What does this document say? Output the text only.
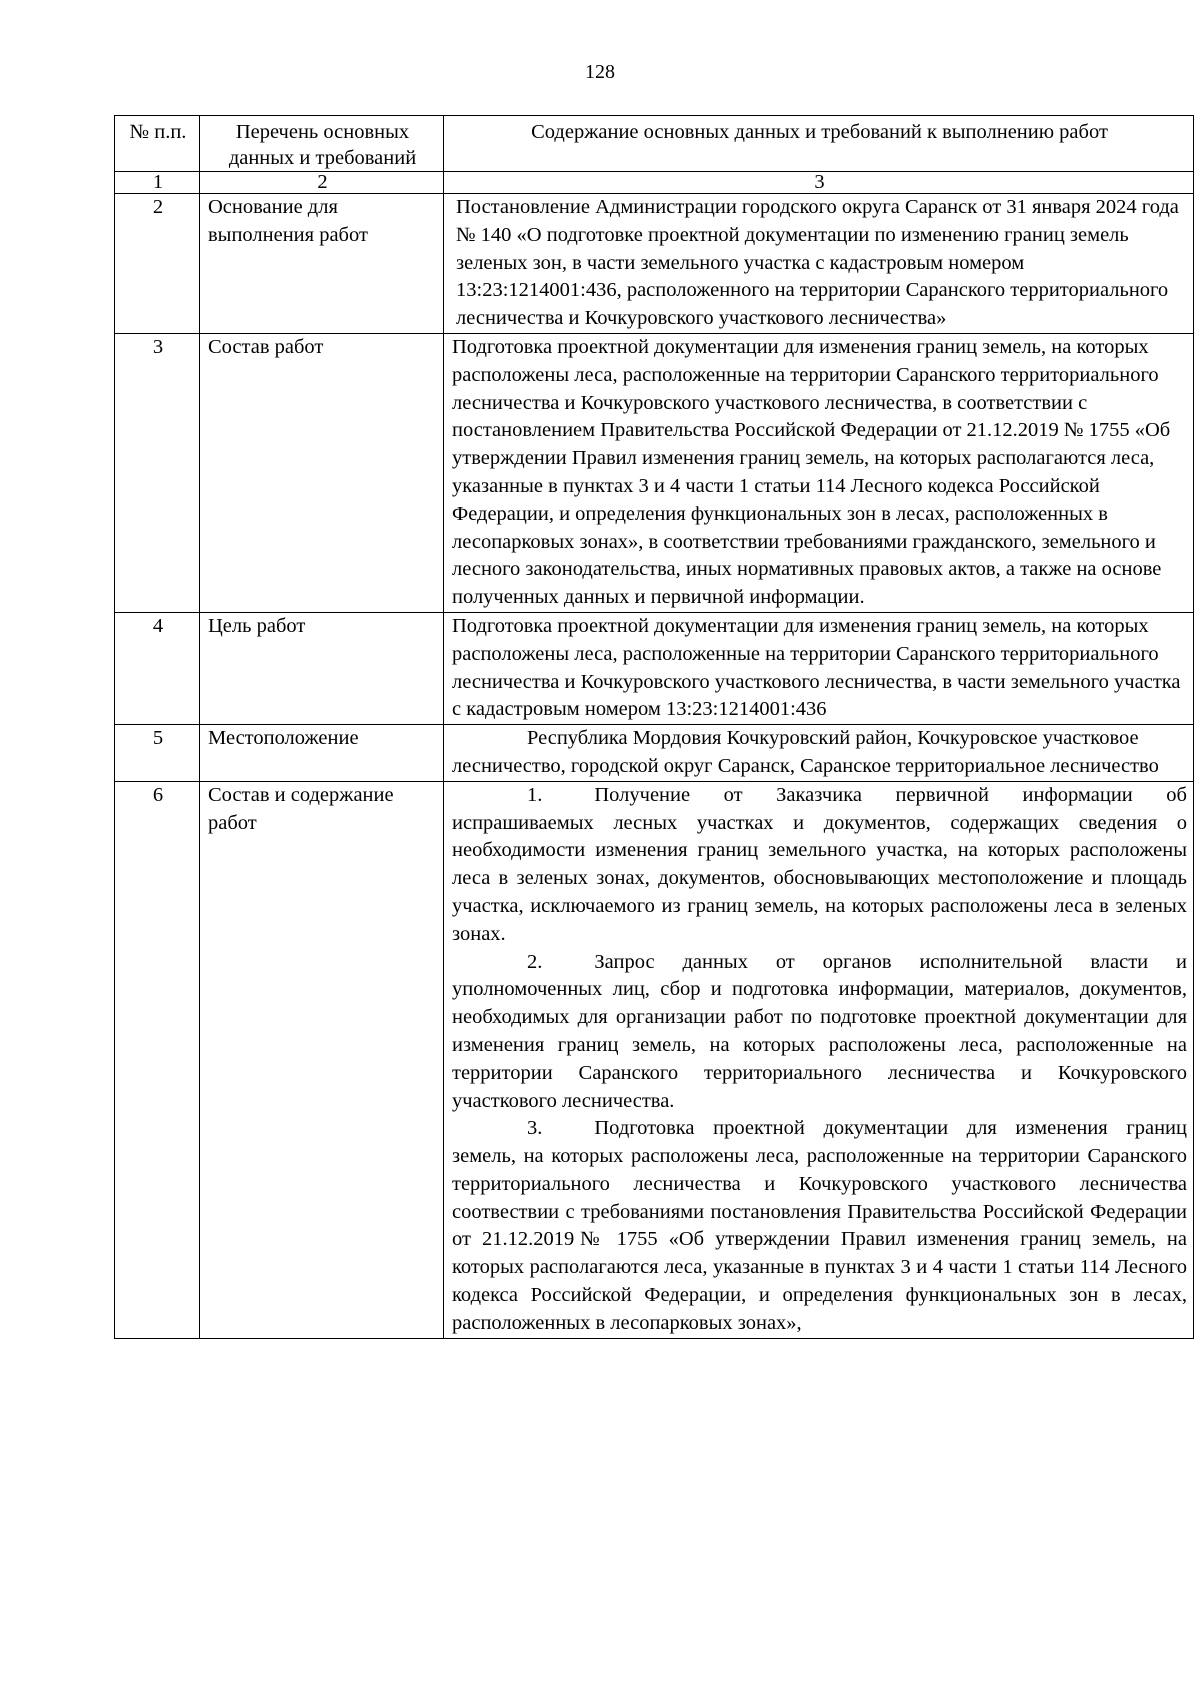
128
№ п.п.	Перечень основных данных и требований	Содержание основных данных и требований к выполнению работ
1	2	3
2	Основание для выполнения работ	Постановление Администрации городского округа Саранск от 31 января 2024 года № 140 «О подготовке проектной документации по изменению границ земель зеленых зон, в части земельного участка с кадастровым номером 13:23:1214001:436, расположенного на территории Саранского территориального лесничества и Кочкуровского участкового лесничества»
3	Состав работ	Подготовка проектной документации для изменения границ земель, на которых расположены леса, расположенные на территории Саранского территориального лесничества и Кочкуровского участкового лесничества, в соответствии с постановлением Правительства Российской Федерации от 21.12.2019 № 1755 «Об утверждении Правил изменения границ земель, на которых располагаются леса, указанные в пунктах 3 и 4 части 1 статьи 114 Лесного кодекса Российской Федерации, и определения функциональных зон в лесах, расположенных в лесопарковых зонах», в соответствии требованиями гражданского, земельного и лесного законодательства, иных нормативных правовых актов, а также на основе полученных данных и первичной информации.
4	Цель работ	Подготовка проектной документации для изменения границ земель, на которых расположены леса, расположенные на территории Саранского территориального лесничества и Кочкуровского участкового лесничества, в части земельного участка с кадастровым номером 13:23:1214001:436
5	Местоположение	Республика Мордовия Кочкуровский район, Кочкуровское участковое лесничество, городской округ Саранск, Саранское территориальное лесничество

6	Состав и содержание работ	1. Получение от Заказчика первичной информации об испрашиваемых лесных участках и документов, содержащих сведения о необходимости изменения границ земельного участка, на которых расположены леса в зеленых зонах, документов, обосновывающих местоположение и площадь участка, исключаемого из границ земель, на которых расположены леса в зеленых зонах.

2. Запрос данных от органов исполнительной власти и уполномоченных лиц, сбор и подготовка информации, материалов, документов, необходимых для организации работ по подготовке проектной документации для изменения границ земель, на которых расположены леса, расположенные на территории Саранского территориального лесничества и Кочкуровского участкового лесничества.

3. Подготовка проектной документации для изменения границ земель, на которых расположены леса, расположенные на территории Саранского территориального лесничества и Кочкуровского участкового лесничества соотвествии с требованиями постановления Правительства Российской Федерации от 21.12.2019№ 1755 «Об утверждении Правил изменения границ земель, на которых располагаются леса, указанные в пунктах 3 и 4 части 1 статьи 114 Лесного кодекса Российской Федерации, и определения функциональных зон в лесах, расположенных в лесопарковых зонах»,
